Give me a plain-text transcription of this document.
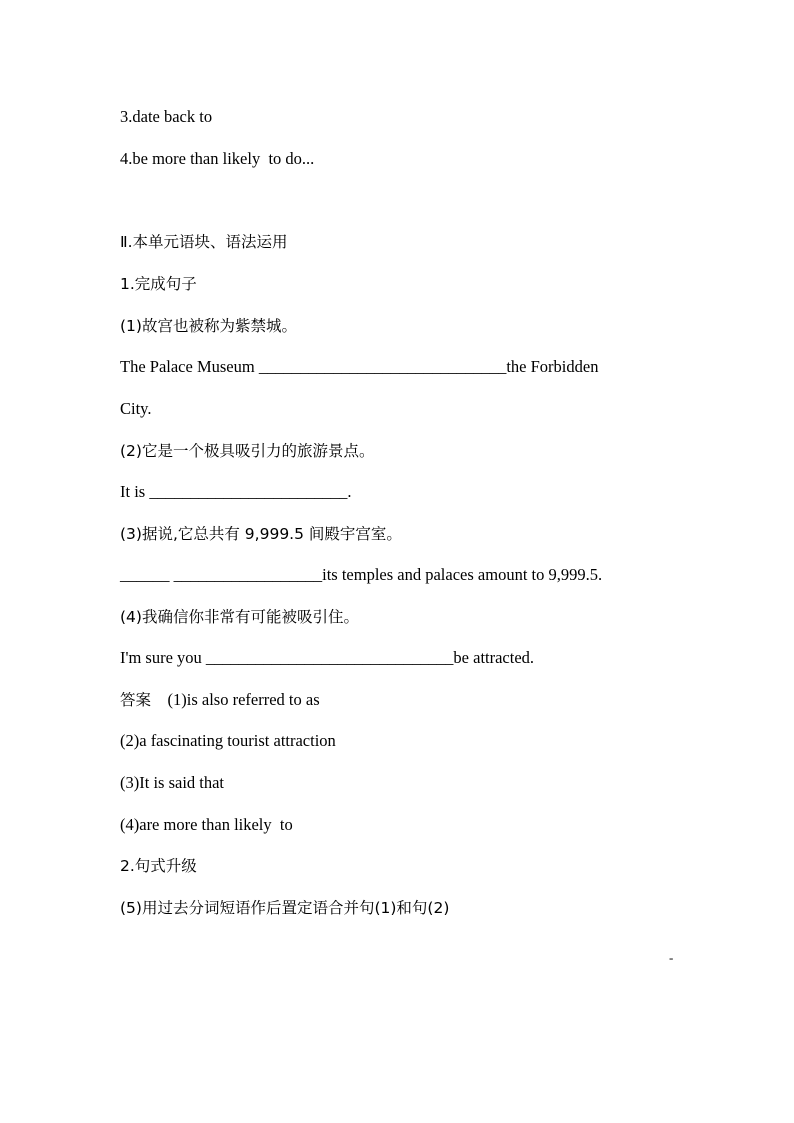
3.date back to
4.be more than likely  to do...
Ⅱ.本单元语块、语法运用
1.完成句子
(1)故宫也被称为紫禁城。
The Palace Museum ______________________________the Forbidden
City.
(2)它是一个极具吸引力的旅游景点。
It is ________________________.
(3)据说,它总共有 9,999.5 间殿宇宫室。
______ __________________its temples and palaces amount to 9,999.5.
(4)我确信你非常有可能被吸引住。
I'm sure you ______________________________be attracted.
答案 (1)is also referred to as
(2)a fascinating tourist attraction
(3)It is said that
(4)are more than likely  to
2.句式升级
(5)用过去分词短语作后置定语合并句(1)和句(2)
-
